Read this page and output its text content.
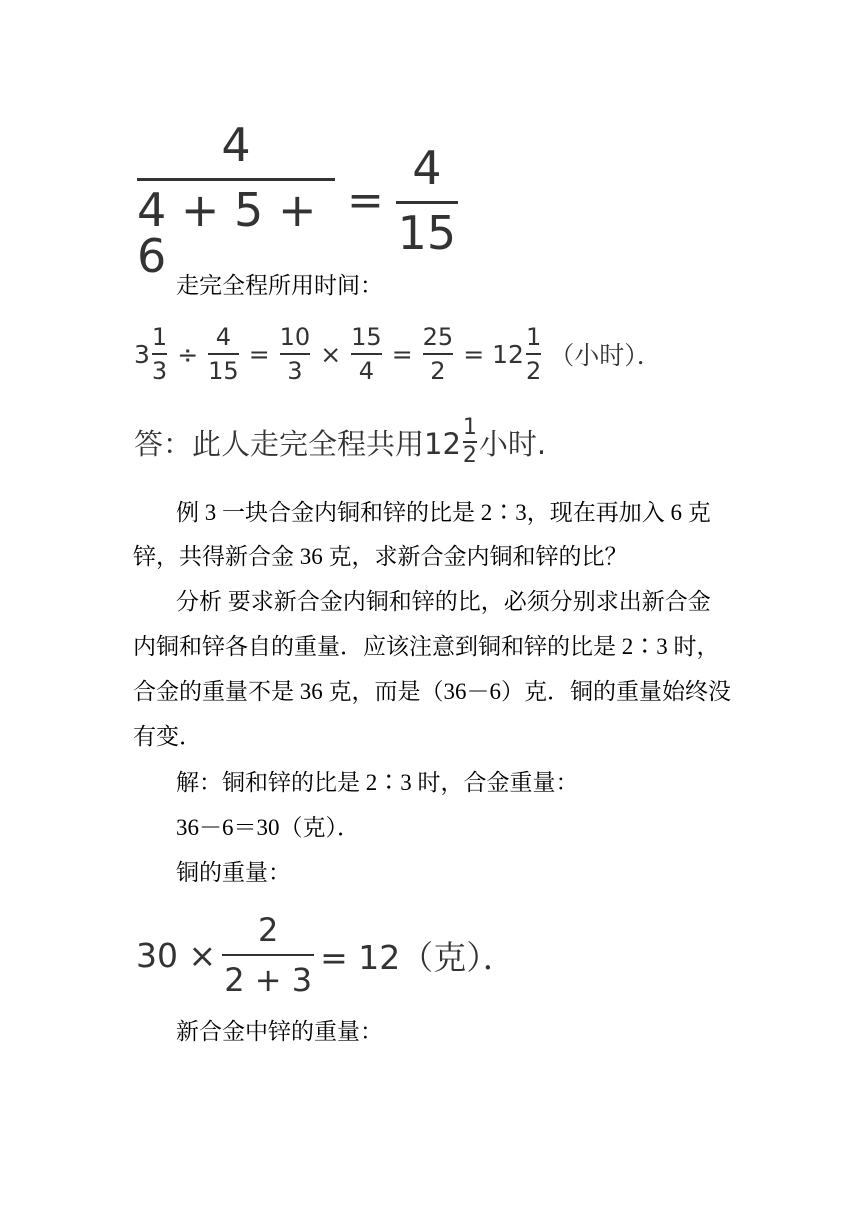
$\frac{4}{4 + 5 + 6} = \frac{4}{15}$
走完全程所用时间：
$3 \frac{1}{3} \div \frac{4}{15} = \frac{10}{3} \times \frac{15}{4} = \frac{25}{2} = 12 \frac{1}{2}$ （小时）．
答：此人走完全程共用$12 \frac{1}{2}$ 小时.
例 3 一块合金内铜和锌的比是 2∶3，现在再加入 6 克
锌，共得新合金 36 克，求新合金内铜和锌的比？
分析 要求新合金内铜和锌的比，必须分别求出新合金
内铜和锌各自的重量．应该注意到铜和锌的比是 2∶3 时，
合金的重量不是 36 克，而是（36－6）克．铜的重量始终没
有变．
解：铜和锌的比是 2∶3 时，合金重量：
36－6＝30（克）．
铜的重量：
$30 \times \frac{2}{2 + 3} = 12$（克）．
新合金中锌的重量：
